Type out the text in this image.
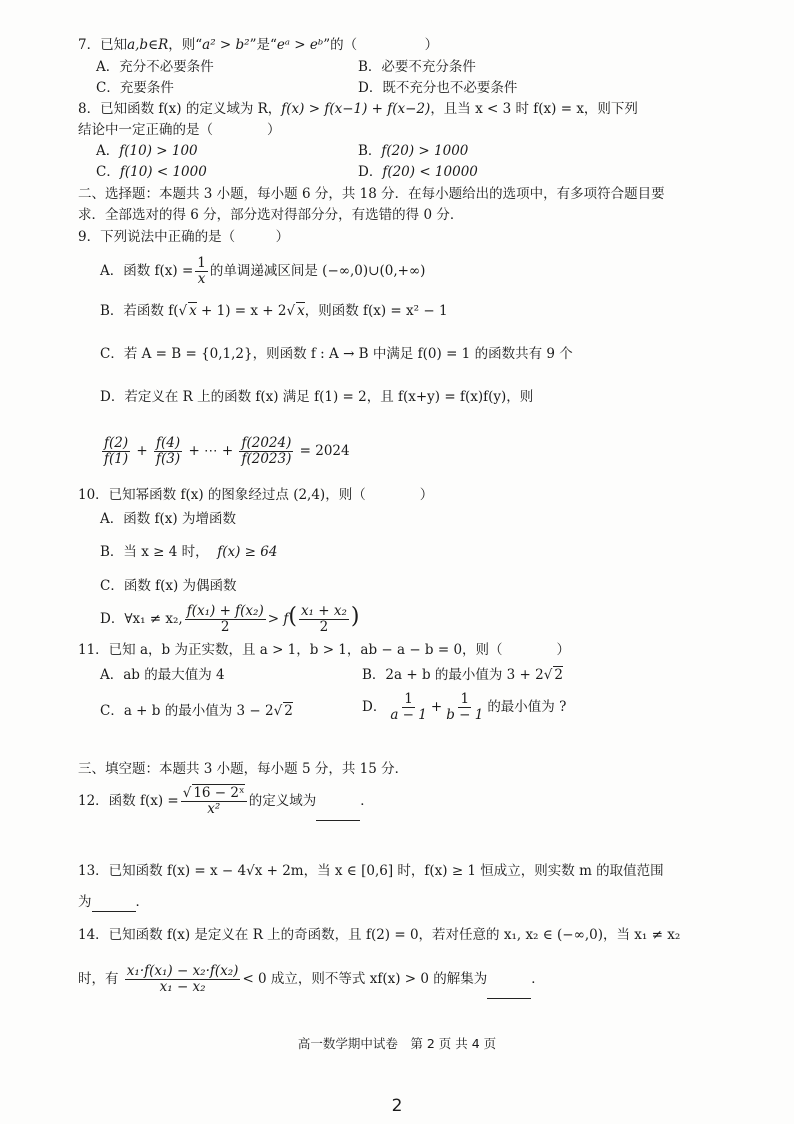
7．已知a,b∈R，则“a² > b²”是“eᵃ > eᵇ”的（　　　　　）
A．充分不必要条件	B．必要不充分条件
C．充要条件	D．既不充分也不必要条件
8．已知函数 f(x) 的定义域为 R，f(x) > f(x−1) + f(x−2)，且当 x < 3 时 f(x) = x，则下列
结论中一定正确的是（　　　　）
A．f(10) > 100	B．f(20) > 1000
C．f(10) < 1000	D．f(20) < 10000
二、选择题：本题共 3 小题，每小题 6 分，共 18 分．在每小题给出的选项中，有多项符合题目要
求．全部选对的得 6 分，部分选对得部分分，有选错的得 0 分．
9．下列说法中正确的是（　　　）
A．函数 $f(x) = \frac{1}{x}$ 的单调递减区间是 (−∞,0)∪(0,+∞)
B．若函数 f(√ x + 1) = x + 2√ x，则函数 f(x) = x² − 1
C．若 A = B = {0,1,2}，则函数 f : A → B 中满足 f(0) = 1 的函数共有 9 个
D．若定义在 R 上的函数 f(x) 满足 f(1) = 2，且 f(x+y) = f(x)f(y)，则
$\frac{f(2)}{f(1)} + \frac{f(4)}{f(3)}$ + ⋯ + $\frac{f(2024)}{f(2023)} = 2024$
10．已知幂函数 f(x) 的图象经过点 (2,4)，则（　　　　）
A．函数 f(x) 为增函数
B．当 x ≥ 4 时， f(x) ≥ 64
C．函数 f(x) 为偶函数
D．∀x₁ ≠ x₂, $\frac{\text{f(x₁) + f(x₂)}}{2} > f( \frac{\text{x₁ + x₂}}{2}$ )
11．已知 a，b 为正实数，且 a > 1，b > 1，ab − a − b = 0，则（　　　　）
A．ab 的最大值为 4	B．2a + b 的最小值为 3 + 2√ 2
C．a + b 的最小值为 3 − 2√ 2	D． $\frac{1}{a - 1} + \frac{1}{b - 1}$ 的最小值为 ?
三、填空题：本题共 3 小题，每小题 5 分，共 15 分．
12．函数 $f(x) = \frac{\text{√ 16 − 2ˣ}}{\text{x²}}$ 的定义域为	．
13．已知函数 f(x) = x − 4√x + 2m，当 x ∈ [0,6] 时，f(x) ≥ 1 恒成立，则实数 m 的取值范围
为	．
14．已知函数 f(x) 是定义在 R 上的奇函数，且 f(2) = 0，若对任意的 x₁, x₂ ∈ (−∞,0)，当 x₁ ≠ x₂
时，有 $\frac{\text{x₁·f(x₁) − x₂·f(x₂)}}{\text{x₁ − x₂}} < 0$ 成立，则不等式 xf(x) > 0 的解集为	．
高一数学期中试卷　第 2 页 共 4 页
2
